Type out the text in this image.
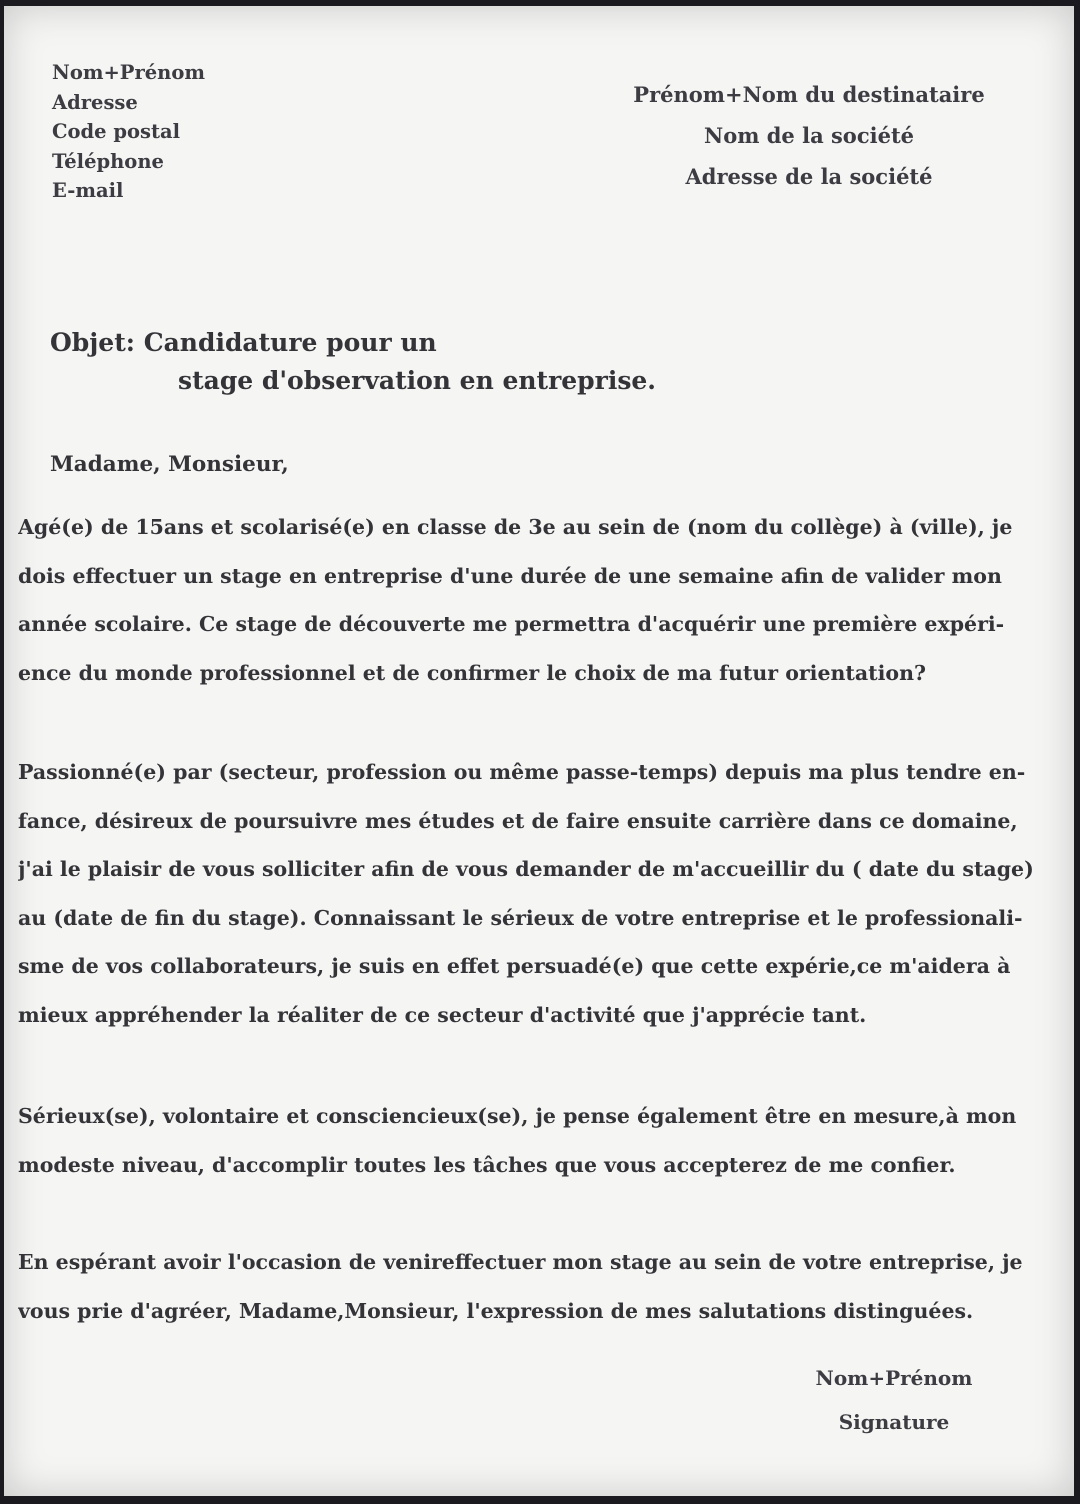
Nom+Prénom
Adresse
Code postal
Téléphone
E-mail
Prénom+Nom du destinataire
Nom de la société
Adresse de la société
Objet: Candidature pour un
stage d'observation en entreprise.
Madame, Monsieur,
Agé(e) de 15ans et scolarisé(e) en classe de 3e au sein de (nom du collège) à (ville), je
dois effectuer un stage en entreprise d'une durée de une semaine afin de valider mon
année scolaire. Ce stage de découverte me permettra d'acquérir une première expéri-
ence du monde professionnel et de confirmer le choix de ma futur orientation?
Passionné(e) par (secteur, profession ou même passe-temps) depuis ma plus tendre en-
fance, désireux de poursuivre mes études et de faire ensuite carrière dans ce domaine,
j'ai le plaisir de vous solliciter afin de vous demander de m'accueillir du ( date du stage)
au (date de fin du stage). Connaissant le sérieux de votre entreprise et le professionali-
sme de vos collaborateurs, je suis en effet persuadé(e) que cette expérie,ce m'aidera à
mieux appréhender la réaliter de ce secteur d'activité que j'apprécie tant.
Sérieux(se), volontaire et consciencieux(se), je pense également être en mesure,à mon
modeste niveau, d'accomplir toutes les tâches que vous accepterez de me confier.
En espérant avoir l'occasion de venireffectuer mon stage au sein de votre entreprise, je
vous prie d'agréer, Madame,Monsieur, l'expression de mes salutations distinguées.
Nom+Prénom
Signature
